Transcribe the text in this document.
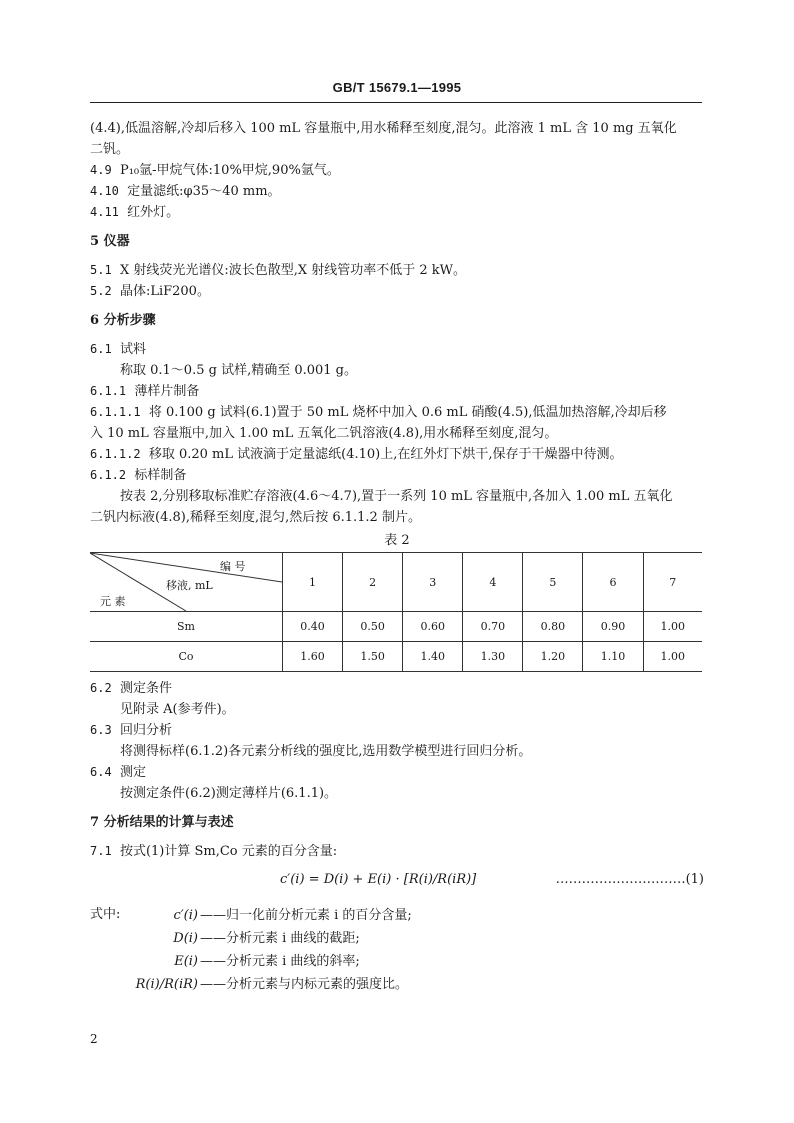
GB/T 15679.1—1995
(4.4),低温溶解,冷却后移入 100 mL 容量瓶中,用水稀释至刻度,混匀。此溶液 1 mL 含 10 mg 五氧化
二钒。
4.9 P₁₀氩-甲烷气体:10%甲烷,90%氩气。
4.10 定量滤纸:φ35～40 mm。
4.11 红外灯。
5 仪器
5.1 X 射线荧光光谱仪:波长色散型,X 射线管功率不低于 2 kW。
5.2 晶体:LiF200。
6 分析步骤
6.1 试料
称取 0.1～0.5 g 试样,精确至 0.001 g。
6.1.1 薄样片制备
6.1.1.1 将 0.100 g 试料(6.1)置于 50 mL 烧杯中加入 0.6 mL 硝酸(4.5),低温加热溶解,冷却后移
入 10 mL 容量瓶中,加入 1.00 mL 五氧化二钒溶液(4.8),用水稀释至刻度,混匀。
6.1.1.2 移取 0.20 mL 试液滴于定量滤纸(4.10)上,在红外灯下烘干,保存于干燥器中待测。
6.1.2 标样制备
按表 2,分别移取标准贮存溶液(4.6～4.7),置于一系列 10 mL 容量瓶中,各加入 1.00 mL 五氧化
二钒内标液(4.8),稀释至刻度,混匀,然后按 6.1.1.2 制片。
表 2
编 号
移液, mL
元 素	1	2	3	4	5	6	7
Sm	0.40	0.50	0.60	0.70	0.80	0.90	1.00
Co	1.60	1.50	1.40	1.30	1.20	1.10	1.00
6.2 测定条件
见附录 A(参考件)。
6.3 回归分析
将测得标样(6.1.2)各元素分析线的强度比,选用数学模型进行回归分析。
6.4 测定
按测定条件(6.2)测定薄样片(6.1.1)。
7 分析结果的计算与表述
7.1 按式(1)计算 Sm,Co 元素的百分含量:
c′(i) = D(i) + E(i) · [R(i)/R(iR)]	…………………………(1)
式中:	c′(i) ——归一化前分析元素 i 的百分含量;
D(i) ——分析元素 i 曲线的截距;
E(i) ——分析元素 i 曲线的斜率;
R(i)/R(iR) ——分析元素与内标元素的强度比。
2
